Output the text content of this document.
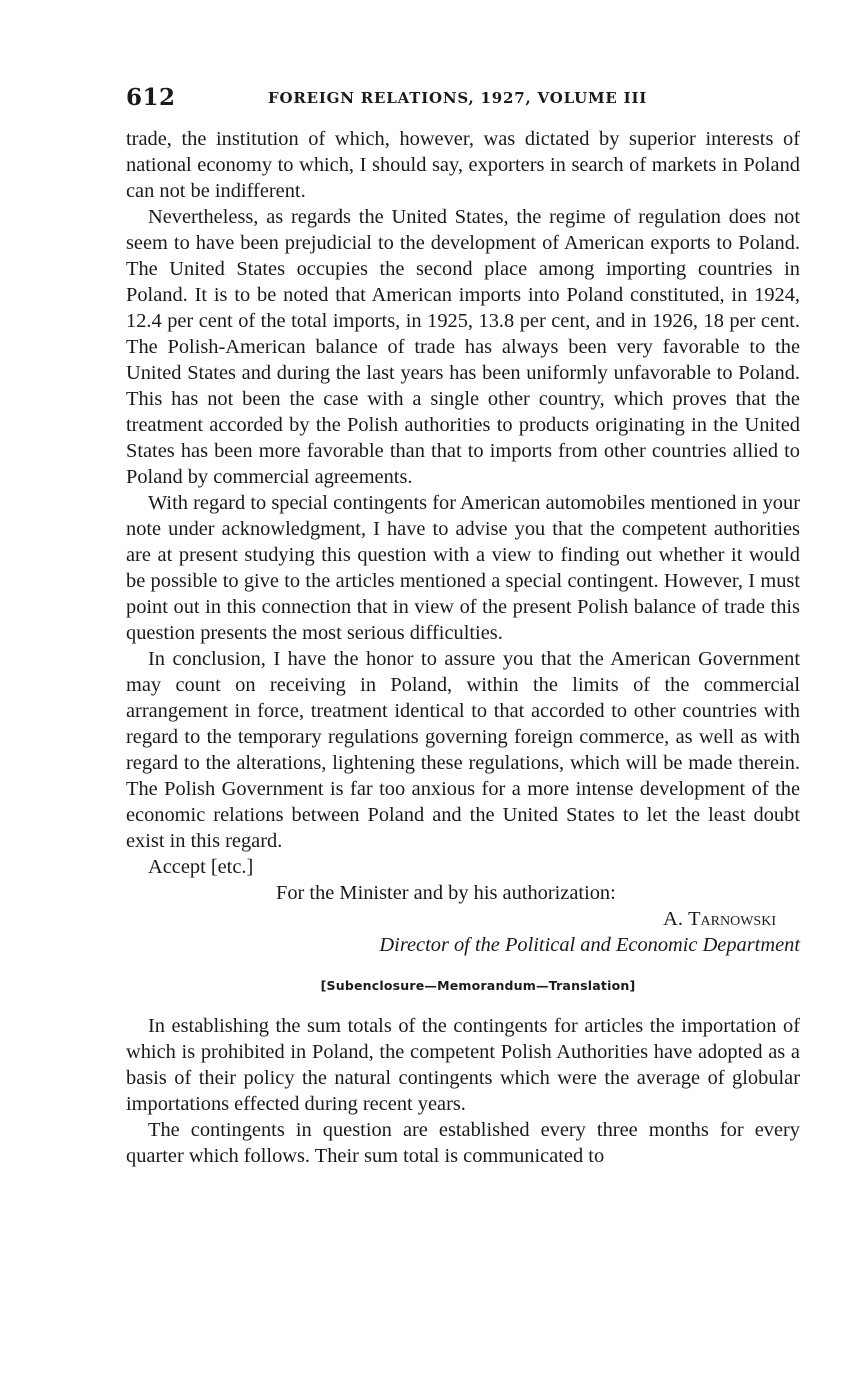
612	FOREIGN RELATIONS, 1927, VOLUME III

trade, the institution of which, however, was dictated by superior interests of national economy to which, I should say, exporters in search of markets in Poland can not be indifferent.

Nevertheless, as regards the United States, the regime of regulation does not seem to have been prejudicial to the development of American exports to Poland. The United States occupies the second place among importing countries in Poland. It is to be noted that American imports into Poland constituted, in 1924, 12.4 per cent of the total imports, in 1925, 13.8 per cent, and in 1926, 18 per cent. The Polish-American balance of trade has always been very favorable to the United States and during the last years has been uniformly unfavorable to Poland. This has not been the case with a single other country, which proves that the treatment accorded by the Polish authorities to products originating in the United States has been more favorable than that to imports from other countries allied to Poland by commercial agreements.

With regard to special contingents for American automobiles mentioned in your note under acknowledgment, I have to advise you that the competent authorities are at present studying this question with a view to finding out whether it would be possible to give to the articles mentioned a special contingent. However, I must point out in this connection that in view of the present Polish balance of trade this question presents the most serious difficulties.

In conclusion, I have the honor to assure you that the American Government may count on receiving in Poland, within the limits of the commercial arrangement in force, treatment identical to that accorded to other countries with regard to the temporary regulations governing foreign commerce, as well as with regard to the alterations, lightening these regulations, which will be made therein. The Polish Government is far too anxious for a more intense development of the economic relations between Poland and the United States to let the least doubt exist in this regard.

Accept [etc.]

For the Minister and by his authorization:
A. Tarnowski
Director of the Political and Economic Department
[Subenclosure—Memorandum—Translation]

In establishing the sum totals of the contingents for articles the importation of which is prohibited in Poland, the competent Polish Authorities have adopted as a basis of their policy the natural contingents which were the average of globular importations effected during recent years.

The contingents in question are established every three months for every quarter which follows. Their sum total is communicated to
